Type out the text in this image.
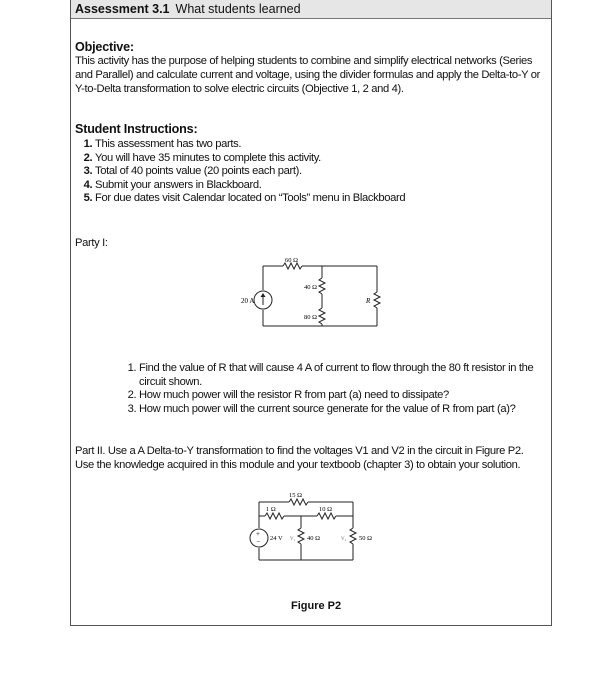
Assessment 3.1 What students learned
Objective:
This activity has the purpose of helping students to combine and simplify electrical networks (Series and Parallel) and calculate current and voltage, using the divider formulas and apply the Delta-to-Y or Y-to-Delta transformation to solve electric circuits (Objective 1, 2 and 4).
Student Instructions:
1. This assessment has two parts.
2. You will have 35 minutes to complete this activity.
3. Total of 40 points value (20 points each part).
4. Submit your answers in Blackboard.
5. For due dates visit Calendar located on “Tools” menu in Blackboard
Party I:
60 Ω
40 Ω
80 Ω
20 A	R
1. Find the value of R that will cause 4 A of current to flow through the 80 ft resistor in the circuit shown.
2. How much power will the resistor R from part (a) need to dissipate?
3. How much power will the current source generate for the value of R from part (a)?
Part II. Use a A Delta-to-Y transformation to find the voltages V1 and V2 in the circuit in Figure P2. Use the knowledge acquired in this module and your textboob (chapter 3) to obtain your solution.
+
−
15 Ω
1 Ω	10 Ω
24 V V₁ 40 Ω	V₂ 50 Ω
Figure P2
